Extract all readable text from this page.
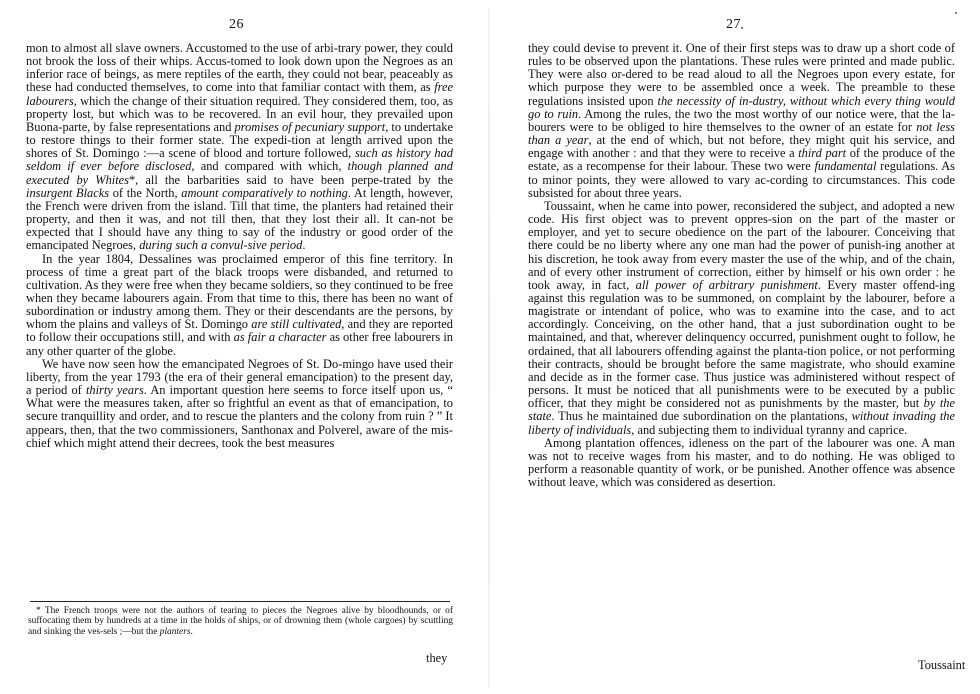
26

mon to almost all slave owners. Accustomed to the use of arbi-trary power, they could not brook the loss of their whips. Accus-tomed to look down upon the Negroes as an inferior race of beings, as mere reptiles of the earth, they could not bear, peaceably as these had conducted themselves, to come into that familiar contact with them, as free labourers, which the change of their situation required. They considered them, too, as property lost, but which was to be recovered. In an evil hour, they prevailed upon Buona-parte, by false representations and promises of pecuniary support, to undertake to restore things to their former state. The expedi-tion at length arrived upon the shores of St. Domingo :—a scene of blood and torture followed, such as history had seldom if ever before disclosed, and compared with which, though planned and executed by Whites*, all the barbarities said to have been perpe-trated by the insurgent Blacks of the North, amount comparatively to nothing. At length, however, the French were driven from the island. Till that time, the planters had retained their property, and then it was, and not till then, that they lost their all. It can-not be expected that I should have any thing to say of the industry or good order of the emancipated Negroes, during such a convul-sive period.

In the year 1804, Dessalines was proclaimed emperor of this fine territory. In process of time a great part of the black troops were disbanded, and returned to cultivation. As they were free when they became soldiers, so they continued to be free when they became labourers again. From that time to this, there has been no want of subordination or industry among them. They or their descendants are the persons, by whom the plains and valleys of St. Domingo are still cultivated, and they are reported to follow their occupations still, and with as fair a character as other free labourers in any other quarter of the globe.

We have now seen how the emancipated Negroes of St. Do-mingo have used their liberty, from the year 1793 (the era of their general emancipation) to the present day, a period of thirty years. An important question here seems to force itself upon us, “ What were the measures taken, after so frightful an event as that of emancipation, to secure tranquillity and order, and to rescue the planters and the colony from ruin ? ” It appears, then, that the two commissioners, Santhonax and Polverel, aware of the mis-chief which might attend their decrees, took the best measures

* The French troops were not the authors of tearing to pieces the Negroes alive by bloodhounds, or of suffocating them by hundreds at a time in the holds of ships, or of drowning them (whole cargoes) by scuttling and sinking the ves-sels ;—but the planters.

they
27

they could devise to prevent it. One of their first steps was to draw up a short code of rules to be observed upon the plantations. These rules were printed and made public. They were also or-dered to be read aloud to all the Negroes upon every estate, for which purpose they were to be assembled once a week. The preamble to these regulations insisted upon the necessity of in-dustry, without which every thing would go to ruin. Among the rules, the two the most worthy of our notice were, that the la-bourers were to be obliged to hire themselves to the owner of an estate for not less than a year, at the end of which, but not before, they might quit his service, and engage with another : and that they were to receive a third part of the produce of the estate, as a recompense for their labour. These two were fundamental regulations. As to minor points, they were allowed to vary ac-cording to circumstances. This code subsisted for about three years.

Toussaint, when he came into power, reconsidered the subject, and adopted a new code. His first object was to prevent oppres-sion on the part of the master or employer, and yet to secure obedience on the part of the labourer. Conceiving that there could be no liberty where any one man had the power of punish-ing another at his discretion, he took away from every master the use of the whip, and of the chain, and of every other instrument of correction, either by himself or his own order : he took away, in fact, all power of arbitrary punishment. Every master offend-ing against this regulation was to be summoned, on complaint by the labourer, before a magistrate or intendant of police, who was to examine into the case, and to act accordingly. Conceiving, on the other hand, that a just subordination ought to be maintained, and that, wherever delinquency occurred, punishment ought to follow, he ordained, that all labourers offending against the planta-tion police, or not performing their contracts, should be brought before the same magistrate, who should examine and decide as in the former case. Thus justice was administered without respect of persons. It must be noticed that all punishments were to be executed by a public officer, that they might be considered not as punishments by the master, but by the state. Thus he maintained due subordination on the plantations, without invading the liberty of individuals, and subjecting them to individual tyranny and caprice.

Among plantation offences, idleness on the part of the labourer was one. A man was not to receive wages from his master, and to do nothing. He was obliged to perform a reasonable quantity of work, or be punished. Another offence was absence without leave, which was considered as desertion.

Toussaint
